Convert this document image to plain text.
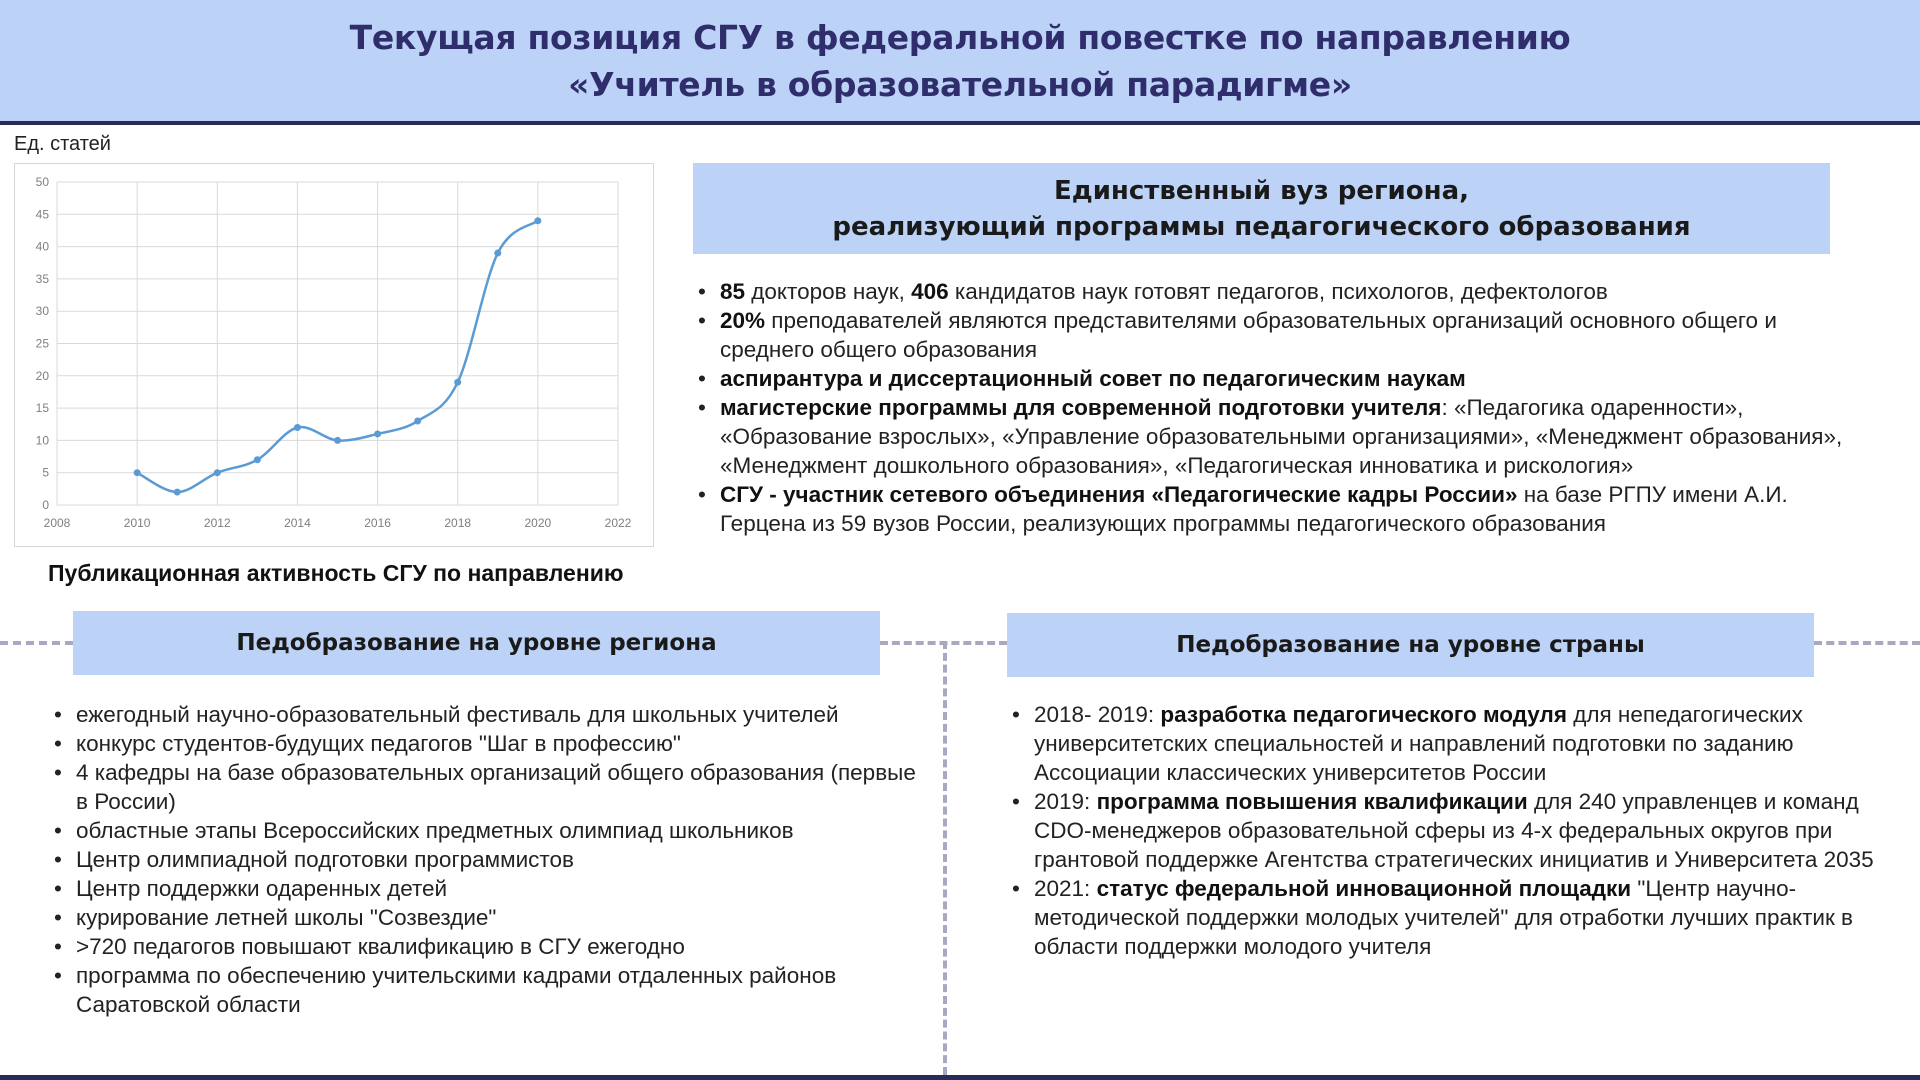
Текущая позиция СГУ в федеральной повестке по направлению
«Учитель в образовательной парадигме»
Ед. статей
0
5
10
15
20
25
30
35
40
45
50
2008	2010	2012	2014	2016	2018	2020	2022
Публикационная активность СГУ по направлению
Единственный вуз региона,
реализующий программы педагогического образования
• 85 докторов наук, 406 кандидатов наук готовят педагогов, психологов, дефектологов
• 20% преподавателей являются представителями образовательных организаций основного общего и среднего общего образования
• аспирантура и диссертационный совет по педагогическим наукам
• магистерские программы для современной подготовки учителя: «Педагогика одаренности», «Образование взрослых», «Управление образовательными организациями», «Менеджмент образования», «Менеджмент дошкольного образования», «Педагогическая инноватика и рискология»
• СГУ - участник сетевого объединения «Педагогические кадры России» на базе РГПУ имени А.И. Герцена из 59 вузов России, реализующих программы педагогического образования
Педобразование на уровне региона	Педобразование на уровне страны
• ежегодный научно-образовательный фестиваль для школьных учителей
• конкурс студентов-будущих педагогов "Шаг в профессию"
• 4 кафедры на базе образовательных организаций общего образования (первые в России)
• областные этапы Всероссийских предметных олимпиад школьников
• Центр олимпиадной подготовки программистов
• Центр поддержки одаренных детей
• курирование летней школы "Созвездие"
• >720 педагогов повышают квалификацию в СГУ ежегодно
• программа по обеспечению учительскими кадрами отдаленных районов Саратовской области
• 2018- 2019: разработка педагогического модуля для непедагогических университетских специальностей и направлений подготовки по заданию Ассоциации классических университетов России
• 2019: программа повышения квалификации для 240 управленцев и команд CDO-менеджеров образовательной сферы из 4-х федеральных округов при грантовой поддержке Агентства стратегических инициатив и Университета 2035
• 2021: статус федеральной инновационной площадки "Центр научно-методической поддержки молодых учителей" для отработки лучших практик в области поддержки молодого учителя
